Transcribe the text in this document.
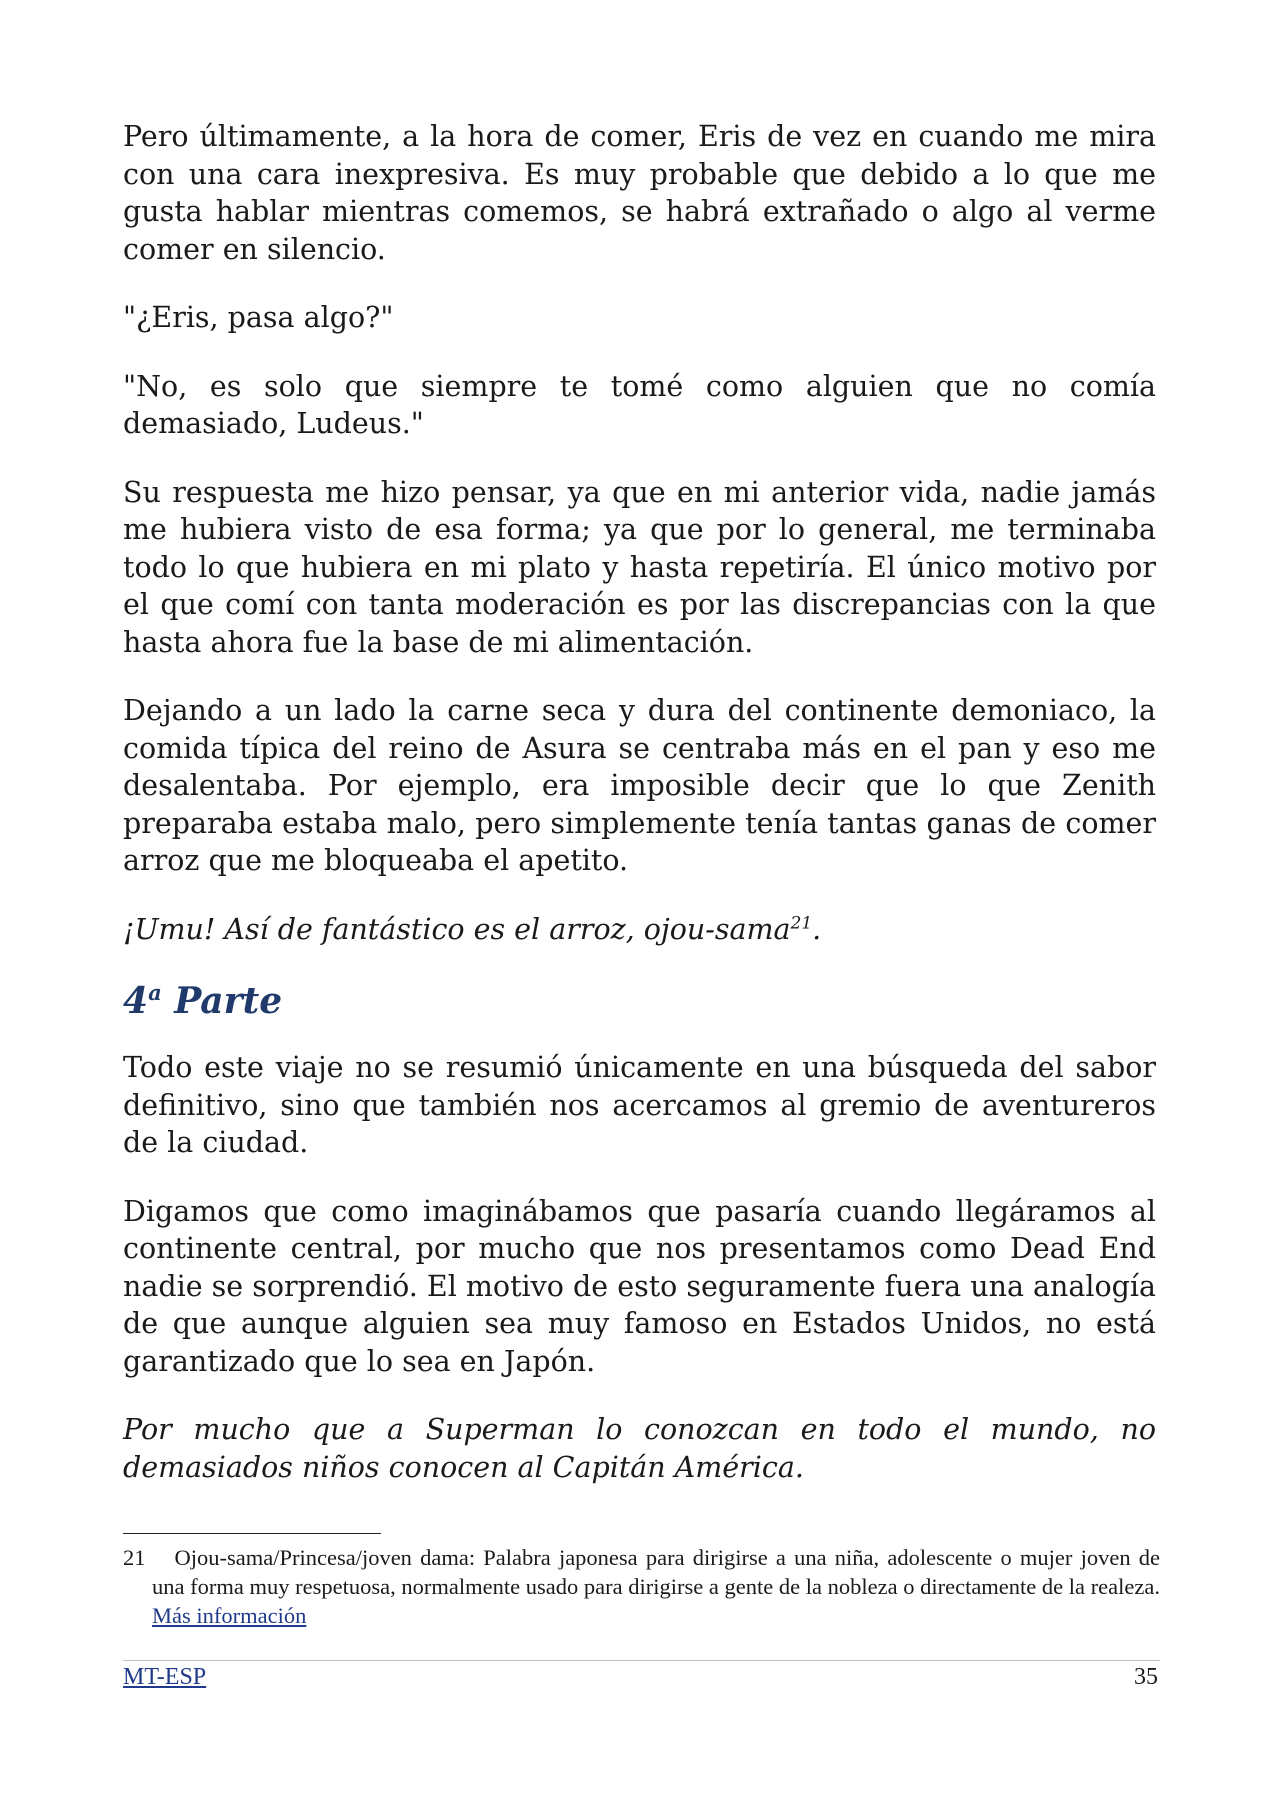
Pero últimamente, a la hora de comer, Eris de vez en cuando me mira con una cara inexpresiva. Es muy probable que debido a lo que me gusta hablar mientras comemos, se habrá extrañado o algo al verme comer en silencio.

"¿Eris, pasa algo?"

"No, es solo que siempre te tomé como alguien que no comía demasiado, Ludeus."

Su respuesta me hizo pensar, ya que en mi anterior vida, nadie jamás me hubiera visto de esa forma; ya que por lo general, me terminaba todo lo que hubiera en mi plato y hasta repetiría. El único motivo por el que comí con tanta moderación es por las discrepancias con la que hasta ahora fue la base de mi alimentación.

Dejando a un lado la carne seca y dura del continente demoniaco, la comida típica del reino de Asura se centraba más en el pan y eso me desalentaba. Por ejemplo, era imposible decir que lo que Zenith preparaba estaba malo, pero simplemente tenía tantas ganas de comer arroz que me bloqueaba el apetito.

¡Umu! Así de fantástico es el arroz, ojou-sama$^{21}$.

4$^a$ Parte

Todo este viaje no se resumió únicamente en una búsqueda del sabor definitivo, sino que también nos acercamos al gremio de aventureros de la ciudad.

Digamos que como imaginábamos que pasaría cuando llegáramos al continente central, por mucho que nos presentamos como Dead End nadie se sorprendió. El motivo de esto seguramente fuera una analogía de que aunque alguien sea muy famoso en Estados Unidos, no está garantizado que lo sea en Japón.

Por mucho que a Superman lo conozcan en todo el mundo, no demasiados niños conocen al Capitán América.

21 Ojou-sama/Princesa/joven dama: Palabra japonesa para dirigirse a una niña, adolescente o mujer joven de una forma muy respetuosa, normalmente usado para dirigirse a gente de la nobleza o directamente de la realeza. Más información
MT-ESP	35
